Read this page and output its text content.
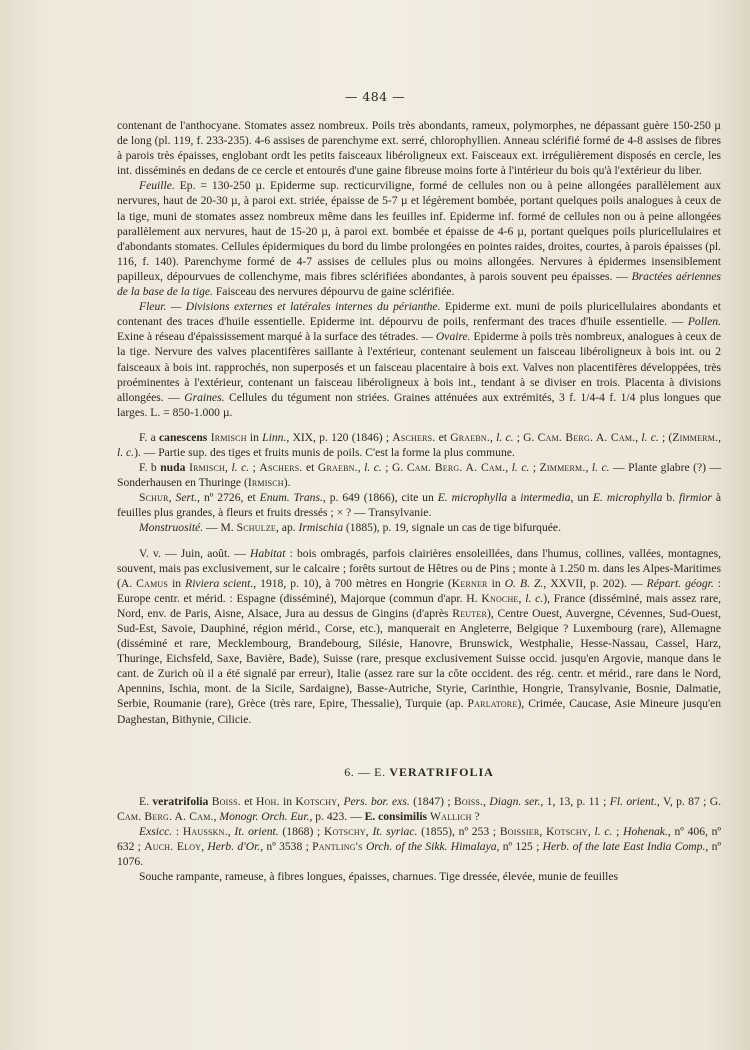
— 484 —

contenant de l'anthocyane. Stomates assez nombreux. Poils très abondants, rameux, polymorphes, ne dépassant guère 150-250 µ de long (pl. 119, f. 233-235). 4-6 assises de parenchyme ext. serré, chlorophyllien. Anneau sclérifié formé de 4-8 assises de fibres à parois très épaisses, englobant ordt les petits faisceaux libéroligneux ext. Faisceaux ext. irrégulièrement disposés en cercle, les int. disséminés en dedans de ce cercle et entourés d'une gaine fibreuse moins forte à l'intérieur du bois qu'à l'extérieur du liber.

Feuille. Ep. = 130-250 µ. Epiderme sup. recticurviligne, formé de cellules non ou à peine allongées parallèlement aux nervures, haut de 20-30 µ, à paroi ext. striée, épaisse de 5-7 µ et légèrement bombée, portant quelques poils analogues à ceux de la tige, muni de stomates assez nombreux même dans les feuilles inf. Epiderme inf. formé de cellules non ou à peine allongées parallèlement aux nervures, haut de 15-20 µ, à paroi ext. bombée et épaisse de 4-6 µ, portant quelques poils pluricellulaires et d'abondants stomates. Cellules épidermiques du bord du limbe prolongées en pointes raides, droites, courtes, à parois épaisses (pl. 116, f. 140). Parenchyme formé de 4-7 assises de cellules plus ou moins allongées. Nervures à épidermes insensiblement papilleux, dépourvues de collenchyme, mais fibres sclérifiées abondantes, à parois souvent peu épaisses. — Bractées aériennes de la base de la tige. Faisceau des nervures dépourvu de gaine sclérifiée.

Fleur. — Divisions externes et latérales internes du périanthe. Epiderme ext. muni de poils pluricellulaires abondants et contenant des traces d'huile essentielle. Epiderme int. dépourvu de poils, renfermant des traces d'huile essentielle. — Pollen. Exine à réseau d'épaississement marqué à la surface des tétrades. — Ovaire. Epiderme à poils très nombreux, analogues à ceux de la tige. Nervure des valves placentifères saillante à l'extérieur, contenant seulement un faisceau libéroligneux à bois int. ou 2 faisceaux à bois int. rapprochés, non superposés et un faisceau placentaire à bois ext. Valves non placentifères développées, très proéminentes à l'extérieur, contenant un faisceau libéroligneux à bois int., tendant à se diviser en trois. Placenta à divisions allongées. — Graines. Cellules du tégument non striées. Graines atténuées aux extrémités, 3 f. 1/4-4 f. 1/4 plus longues que larges. L. = 850-1.000 µ.

F. a canescens Irmisch in Linn., XIX, p. 120 (1846) ; Aschers. et Graebn., l. c. ; G. Cam. Berg. A. Cam., l. c. ; (Zimmerm., l. c.). — Partie sup. des tiges et fruits munis de poils. C'est la forme la plus commune.

F. b nuda Irmisch, l. c. ; Aschers. et Graebn., l. c. ; G. Cam. Berg. A. Cam., l. c. ; Zimmerm., l. c. — Plante glabre (?) — Sonderhausen en Thuringe (Irmisch).

Schur, Sert., nº 2726, et Enum. Trans., p. 649 (1866), cite un E. microphylla a intermedia, un E. microphylla b. firmior à feuilles plus grandes, à fleurs et fruits dressés ; × ? — Transylvanie.

Monstruosité. — M. Schulze, ap. Irmischia (1885), p. 19, signale un cas de tige bifurquée.

V. v. — Juin, août. — Habitat : bois ombragés, parfois clairières ensoleillées, dans l'humus, collines, vallées, montagnes, souvent, mais pas exclusivement, sur le calcaire ; forêts surtout de Hêtres ou de Pins ; monte à 1.250 m. dans les Alpes-Maritimes (A. Camus in Riviera scient., 1918, p. 10), à 700 mètres en Hongrie (Kerner in O. B. Z., XXVII, p. 202). — Répart. géogr. : Europe centr. et mérid. : Espagne (disséminé), Majorque (commun d'apr. H. Knoche, l. c.), France (disséminé, mais assez rare, Nord, env. de Paris, Aisne, Alsace, Jura au dessus de Gingins (d'après Reuter), Centre Ouest, Auvergne, Cévennes, Sud-Ouest, Sud-Est, Savoie, Dauphiné, région mérid., Corse, etc.), manquerait en Angleterre, Belgique ? Luxembourg (rare), Allemagne (disséminé et rare, Mecklembourg, Brandebourg, Silésie, Hanovre, Brunswick, Westphalie, Hesse-Nassau, Cassel, Harz, Thuringe, Eichsfeld, Saxe, Bavière, Bade), Suisse (rare, presque exclusivement Suisse occid. jusqu'en Argovie, manque dans le cant. de Zurich où il a été signalé par erreur), Italie (assez rare sur la côte occident. des rég. centr. et mérid., rare dans le Nord, Apennins, Ischia, mont. de la Sicile, Sardaigne), Basse-Autriche, Styrie, Carinthie, Hongrie, Transylvanie, Bosnie, Dalmatie, Serbie, Roumanie (rare), Grèce (très rare, Epire, Thessalie), Turquie (ap. Parlatore), Crimée, Caucase, Asie Mineure jusqu'en Daghestan, Bithynie, Cilicie.

6. — E. VERATRIFOLIA

E. veratrifolia Boiss. et Hoh. in Kotschy, Pers. bor. exs. (1847) ; Boiss., Diagn. ser., 1, 13, p. 11 ; Fl. orient., V, p. 87 ; G. Cam. Berg. A. Cam., Monogr. Orch. Eur., p. 423. — E. consimilis Wallich ?

Exsicc. : Hausskn., It. orient. (1868) ; Kotschy, It. syriac. (1855), nº 253 ; Boissier, Kotschy, l. c. ; Hohenak., nº 406, nº 632 ; Auch. Eloy, Herb. d'Or., nº 3538 ; Pantling's Orch. of the Sikk. Himalaya, nº 125 ; Herb. of the late East India Comp., nº 1076.

Souche rampante, rameuse, à fibres longues, épaisses, charnues. Tige dressée, élevée, munie de feuilles
